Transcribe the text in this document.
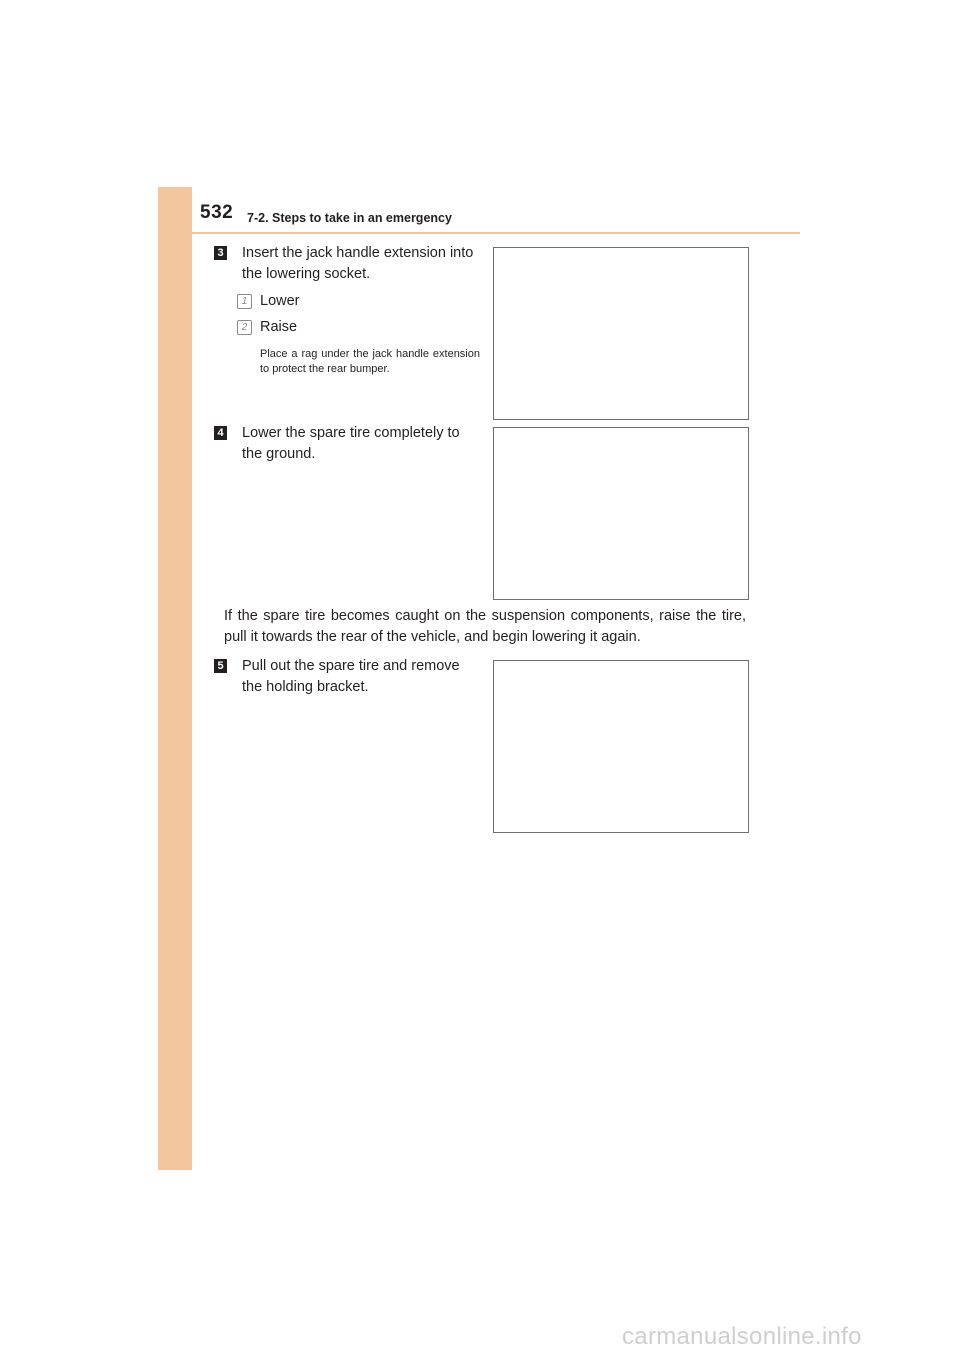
532 7-2. Steps to take in an emergency
3 Insert the jack handle extension into
the lowering socket.
1 Lower
2 Raise
Place a rag under the jack handle extension to protect the rear bumper.
4 Lower the spare tire completely to
the ground.
If the spare tire becomes caught on the suspension components, raise the tire, pull it towards the rear of the vehicle, and begin lowering it again.
5 Pull out the spare tire and remove
the holding bracket.
carmanualsonline.info
